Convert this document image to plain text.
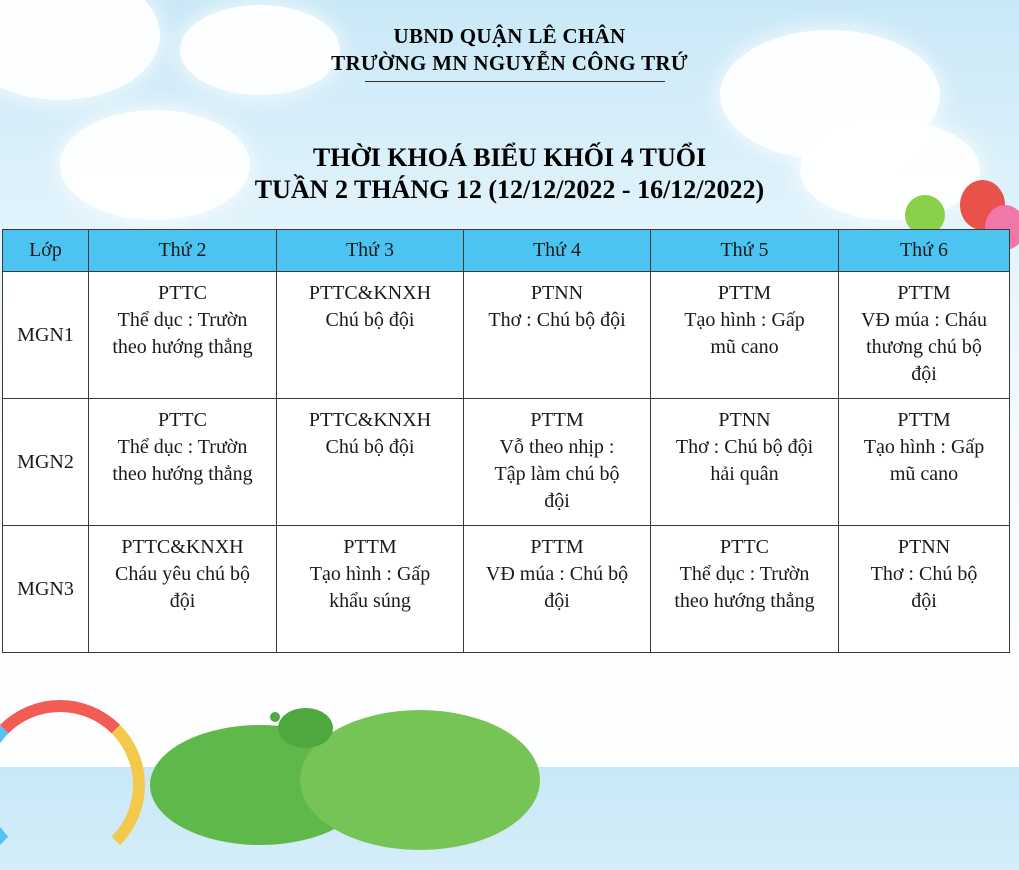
UBND QUẬN LÊ CHÂN
TRƯỜNG MN NGUYỄN CÔNG TRỨ
THỜI KHOÁ BIỂU KHỐI 4 TUỔI
TUẦN 2 THÁNG 12 (12/12/2022 - 16/12/2022)
Lớp	Thứ 2	Thứ 3	Thứ 4	Thứ 5	Thứ 6
MGN1	PTTC
Thể dục : Trườn
theo hướng thẳng	PTTC&KNXH
Chú bộ đội	PTNN
Thơ : Chú bộ đội	PTTM
Tạo hình : Gấp
mũ cano	PTTM
VĐ múa : Cháu
thương chú bộ
đội

MGN2	PTTC
Thể dục : Trườn
theo hướng thẳng	PTTC&KNXH
Chú bộ đội	PTTM
Vỗ theo nhịp :
Tập làm chú bộ
đội	PTNN
Thơ : Chú bộ đội
hải quân	PTTM
Tạo hình : Gấp
mũ cano

MGN3	PTTC&KNXH
Cháu yêu chú bộ
đội	PTTM
Tạo hình : Gấp
khẩu súng	PTTM
VĐ múa : Chú bộ
đội	PTTC
Thể dục : Trườn
theo hướng thẳng	PTNN
Thơ : Chú bộ
đội
